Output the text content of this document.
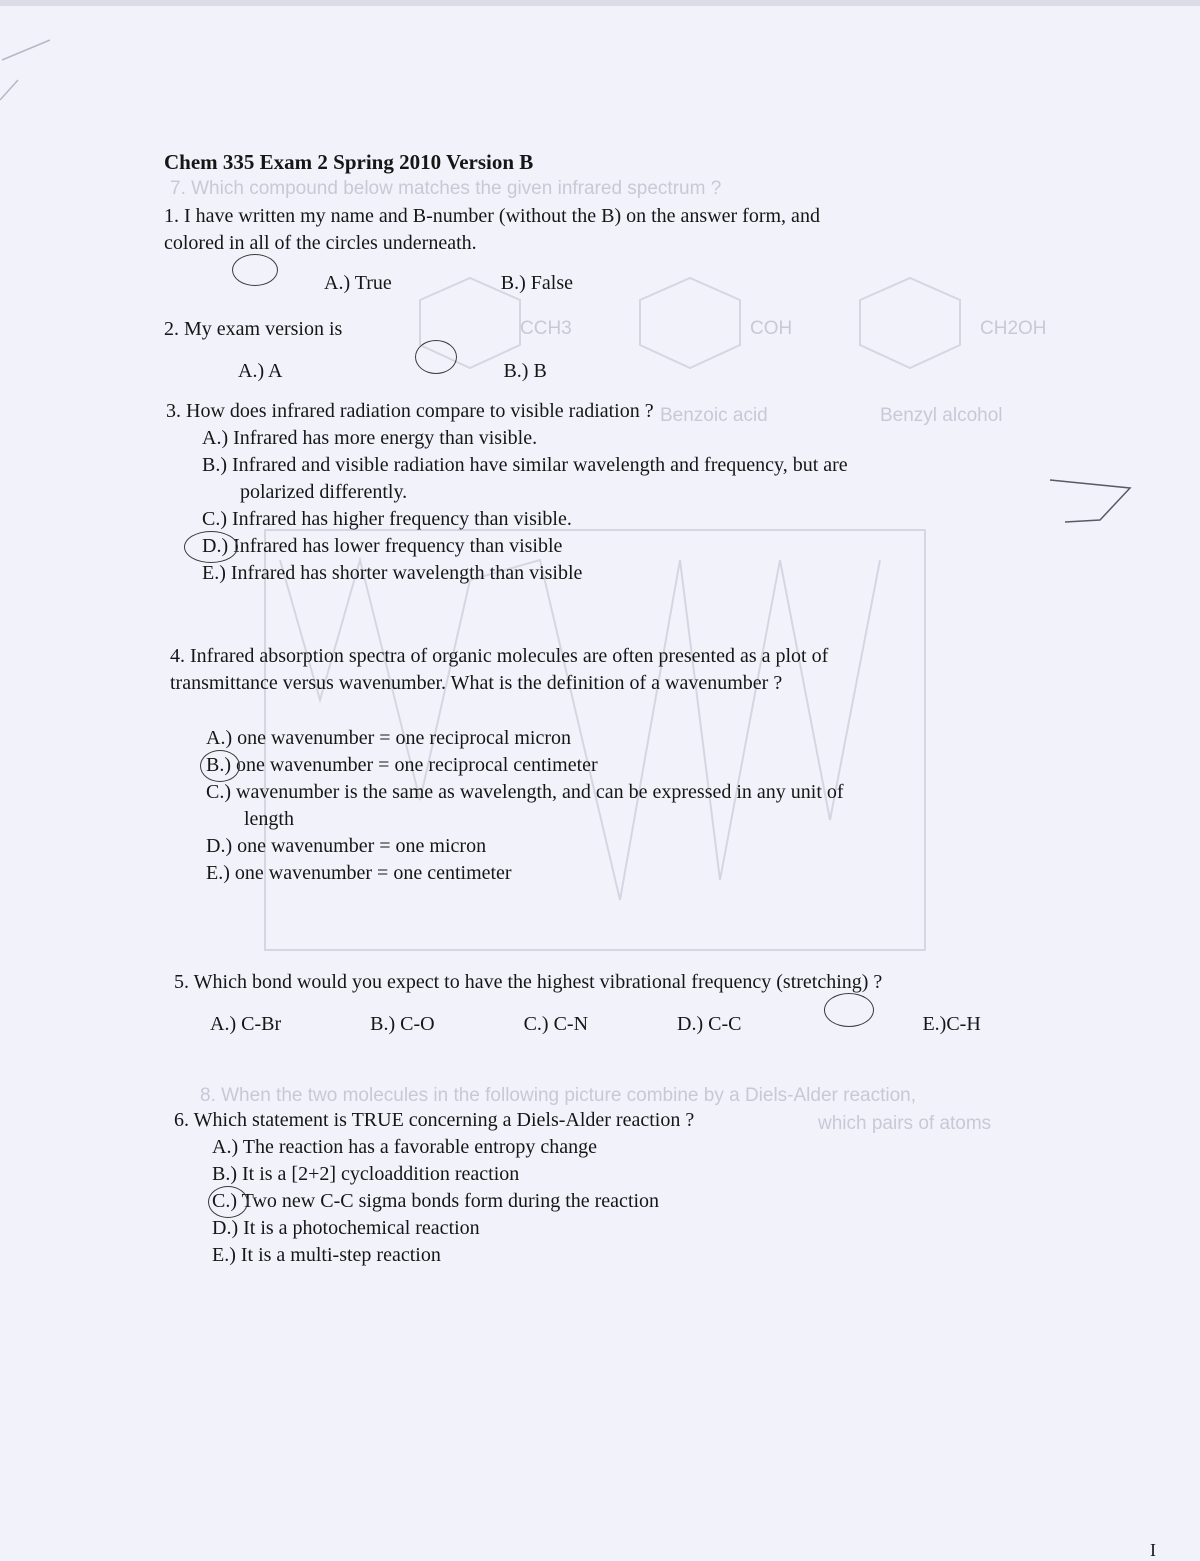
7. Which compound below matches the given infrared spectrum ?
CCH3	COH	CH2OH
Benzoic acid	Benzyl alcohol
8. When the two molecules in the following picture combine by a Diels-Alder reaction,
which pairs of atoms
Chem 335 Exam 2 Spring 2010 Version B
1. I have written my name and B-number (without the B) on the answer form, and
colored in all of the circles underneath.
A.) True	B.) False
2. My exam version is
A.) A	B.) B
3. How does infrared radiation compare to visible radiation ?
A.) Infrared has more energy than visible.
B.) Infrared and visible radiation have similar wavelength and frequency, but are
polarized differently.
C.) Infrared has higher frequency than visible.
D.) Infrared has lower frequency than visible
E.) Infrared has shorter wavelength than visible
4. Infrared absorption spectra of organic molecules are often presented as a plot of
transmittance versus wavenumber. What is the definition of a wavenumber ?
A.) one wavenumber = one reciprocal micron
B.) one wavenumber = one reciprocal centimeter
C.) wavenumber is the same as wavelength, and can be expressed in any unit of
length
D.) one wavenumber = one micron
E.) one wavenumber = one centimeter
5. Which bond would you expect to have the highest vibrational frequency (stretching) ?
A.) C-Br	B.) C-O	C.) C-N	D.) C-C	E.)C-H
6. Which statement is TRUE concerning a Diels-Alder reaction ?
A.) The reaction has a favorable entropy change
B.) It is a [2+2] cycloaddition reaction
C.) Two new C-C sigma bonds form during the reaction
D.) It is a photochemical reaction
E.) It is a multi-step reaction
I
